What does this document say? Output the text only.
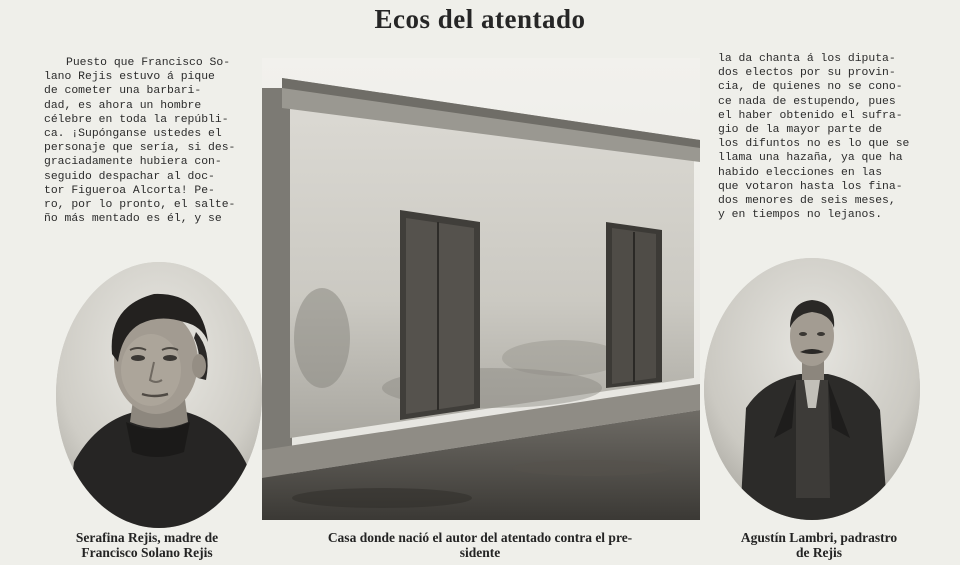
Ecos del atentado
Puesto que Francisco So-
lano Rejis estuvo á pique
de cometer una barbari-
dad, es ahora un hombre
célebre en toda la repúbli-
ca. ¡Supónganse ustedes el
personaje que sería, si des-
graciadamente hubiera con-
seguido despachar al doc-
tor Figueroa Alcorta! Pe-
ro, por lo pronto, el salte-
ño más mentado es él, y se
la da chanta á los diputa-
dos electos por su provin-
cia, de quienes no se cono-
ce nada de estupendo, pues
el haber obtenido el sufra-
gio de la mayor parte de
los difuntos no es lo que se
llama una hazaña, ya que ha
habido elecciones en las
que votaron hasta los fina-
dos menores de seis meses,
y en tiempos no lejanos.
Serafina Rejis, madre de
Francisco Solano Rejis
Casa donde nació el autor del atentado contra el pre-
sidente
Agustín Lambri, padrastro
de Rejis
